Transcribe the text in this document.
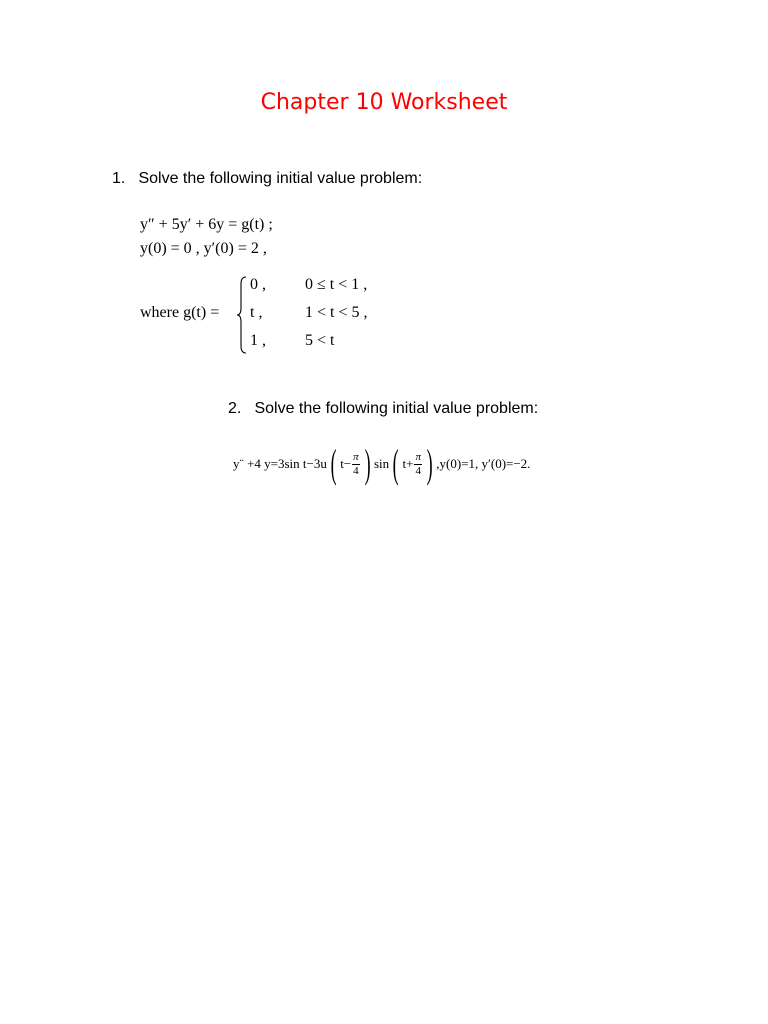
Chapter 10 Worksheet
1. Solve the following initial value problem:
y″ + 5y′ + 6y = g(t) ;
y(0) = 0 , y′(0) = 2 ,
where g(t) =
0 , 0 ≤ t < 1 ,
t ,	1 < t < 5 ,
1 , 5 < t
2. Solve the following initial value problem:
y¨ +4 y=3sin t−3u ( $t- \frac{\pi}{4}$ ) sin ( $t+ \frac{\pi}{4}$ ) ,y(0)=1, y′(0)=−2.
